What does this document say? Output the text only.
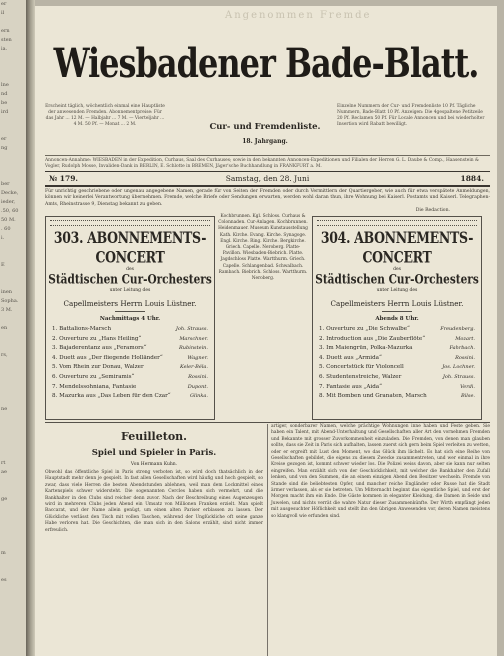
er
il

ern
sten
ia.

lne
nd
be
ird

er
ng

ber
Decke,
ieder,
.50, 60
50 M.
. 60
i.

E

inen
Sopha.
3 M.

en

rs,

ne

rt
ae

ge

m

es

Angenommen Fremde
Wiesbadener Bade-Blatt.
Erscheint täglich, wöchentlich einmal eine Hauptliste der anwesenden Fremden. Abonnementpreise: Für das Jahr ... 12 M. — Halbjahr ... 7 M. — Vierteljahr ... 4 M. 50 Pf. — Monat ... 2 M.	Cur- und Fremdenliste.
18. Jahrgang.
Einzelne Nummern der Cur- und Fremdenliste 10 Pf. Tägliche Nummern, Bade-Blatt 10 Pf. Anzeigen: Die 4gespaltene Petitzeile 20 Pf. Reclamen 50 Pf. Für Locale Annoncen und bei wiederholter Insertion wird Rabatt bewilligt.
Annoncen-Annahme: WIESBADEN in der Expedition, Curhaus, Saal des Curhauses; sowie in den bekannten Annoncen-Expeditionen und Filialen der Herren G. L. Daube & Comp., Haasenstein & Vogler, Rudolph Mosse, Invaliden-Dank in BERLIN, E. Schlotte in BREMEN, Jäger'sche Buchhandlung in FRANKFURT a. M.
№ 179.	Samstag, den 28. Juni	1884.
Für unrichtig geschriebene oder ungenau angegebene Namen, gerade für von Seiten der Fremden oder durch Vermittlern der Quartiergeber, wie auch für etwa verspätete Anmeldungen, können wir keinerlei Verantwortung übernehmen. Fremde, welche Briefe oder Sendungen erwarten, werden wohl daran thun, ihre Wohnung bei Kaiserl. Postamts und Kaiserl. Telegraphen-Amts, Rheinstrasse 9, Dienstag bekannt zu geben.
Die Redaction.
303. ABONNEMENTS-CONCERT
des
Städtischen Cur-Orchesters
unter Leitung des
Capellmeisters Herrn Louis Lüstner.
Nachmittags 4 Uhr.
1. Battalions-Marsch	Joh. Strauss.
2. Ouverture zu „Hans Heiling“	Marschner.
3. Bajaderentanz aus „Feramors“	Rubinstein.
4. Duett aus „Der fliegende Holländer“	Wagner.
5. Vom Rhein zur Donau, Walzer	Keler-Béla.
6. Ouverture zu „Semiramis“	Rossini.
7. Mendelssohniana, Fantasie	Dupont.
8. Mazurka aus „Das Leben für den Czar“	Glinka.
Kochbrunnen. Kgl. Schloss. Curhaus & Colonnaden. Cur-Anlagen. Kochbrunnen. Heidenmauer. Museum Kunstausstellung Kath. Kirche. Evang. Kirche. Synagoge. Engl. Kirche. Ring. Kirche. Bergkirche. Griech. Capelle. Neroberg. Platte-Pavillon. Wiesbaden-Biebrich. Platte. Jagdschloss Platte. Wartthurm. Griech. Capelle. Schlangenbad. Schwalbach. Rambach. Biebrich. Schloss. Wartthurm. Neroberg.
304. ABONNEMENTS-CONCERT
des
Städtischen Cur-Orchesters
unter Leitung des
Capellmeisters Herrn Louis Lüstner.
Abends 8 Uhr.
1. Ouverture zu „Die Schwalbe“	Freudenberg.
2. Introduction aus „Die Zauberflöte“	Mozart.
3. Im Maiengrün, Polka-Mazurka	Fahrbach.
4. Duett aus „Armida“	Rossini.
5. Concertstück für Violoncell	Jos. Lochner.
6. Studentenstreiche, Walzer	Joh. Strauss.
7. Fantasie aus „Aida“	Verdi.
8. Mit Bomben und Granaten, Marsch	Bilse.
Feuilleton.
Spiel und Spieler in Paris.
Von Hermann Kuhn.
Obwohl das öffentliche Spiel in Paris streng verboten ist, so wird doch thatsächlich in der Hauptstadt mehr denn je gespielt. In fast allen Gesellschaften wird häufig und hoch gespielt, so zwar, dass viele Herren die besten Abendstunden ablehnen, weil man dem Lockmittel eines Kartenspiels schwer widersteht. Die sogenannten Cercles haben sich vermehrt, und die Bankhalter in den Clubs sind reicher denn zuvor. Nach der Beschreibung eines Augenzeugen wird in mehreren Clubs jeden Abend ein Umsatz von Millionen Franken erzielt. Man spielt Baccarat, und der Name allein genügt, um einen alten Pariser erblassen zu lassen. Der Glückliche verlässt den Tisch mit vollen Taschen, während der Unglückliche oft seine ganze Habe verloren hat. Die Geschichten, die man sich in den Salons erzählt, sind nicht immer erfreulich.
artiger, sonderbarer Namen, welche prächtige Wohnungen inne haben und Feste geben. Sie haben ein Talent, mit Abend-Unterhaltung und Gesellschaften aller Art den vornehmen Fremden und Bekannte mit grosser Zuvorkommenheit einzuladen. Die Fremden, von denen man glauben sollte, dass sie Zeit in Paris sich aufhalten, lassen zuerst sich gern beim Spiel verleiten zu wetten, oder er ergreift mit Lust den Moment, wo das Glück ihm lächelt. Es hat sich eine Reihe von Gesellschaften gebildet, die eigens zu diesem Zwecke zusammentreten, und wer einmal in ihre Kreise gezogen ist, kommt schwer wieder los. Die Polizei weiss davon, aber sie kann nur selten eingreifen. Man erzählt sich von der Geschicklichkeit, mit welcher die Bankhalter den Zufall lenken, und von den Summen, die an einem einzigen Abend den Besitzer wechseln. Fremde von Stande sind die beliebtesten Opfer, und mancher reiche Engländer oder Russe hat die Stadt ärmer verlassen, als er sie betreten. Um Mitternacht beginnt das eigentliche Spiel, und erst der Morgen macht ihm ein Ende. Die Gäste kommen in eleganter Kleidung, die Damen in Seide und Juwelen, und nichts verrät die wahre Natur dieser Zusammenkünfte. Der Wirth empfängt jeden mit ausgesuchter Höflichkeit und stellt ihn den übrigen Anwesenden vor, deren Namen meistens so klangvoll wie erfunden sind.
